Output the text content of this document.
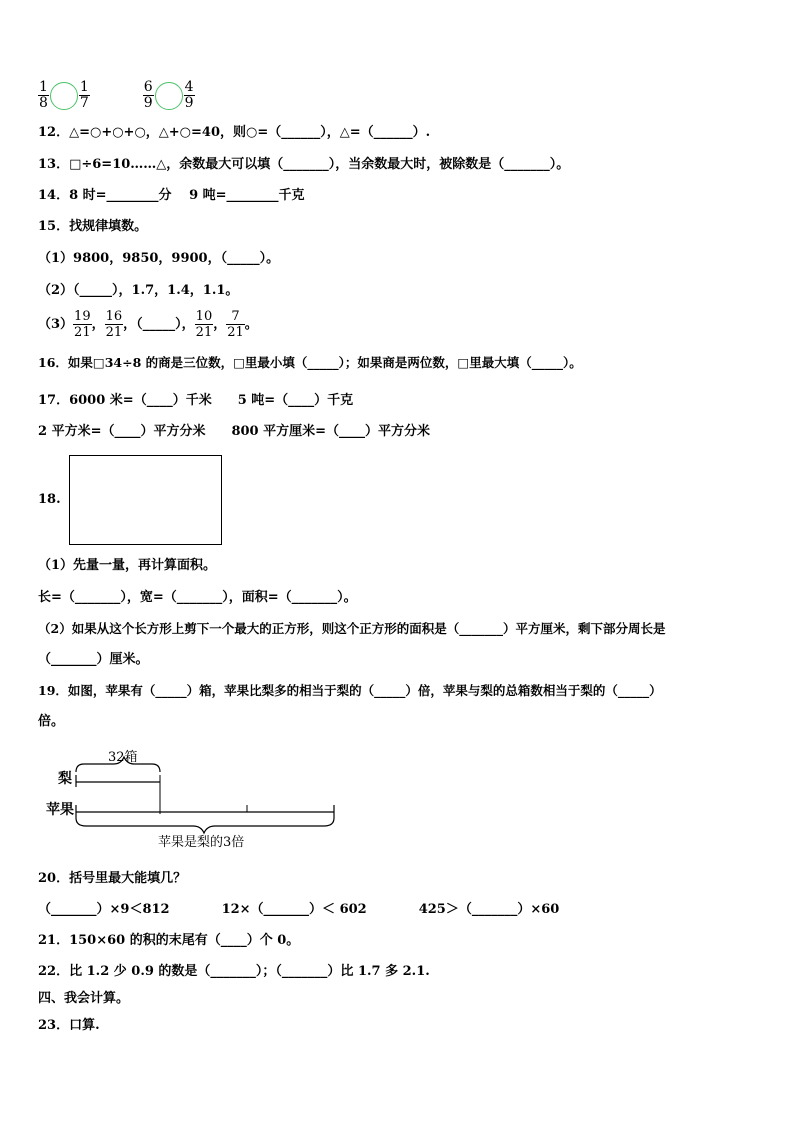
$\frac{1}{8} \frac{1}{7}$
	$\frac{6}{9} \frac{4}{9}$
12．△=○+○+○，△+○=40，则○=（______），△=（______）.
13．□÷6=10……△，余数最大可以填（_______），当余数最大时，被除数是（_______）。
14．8 时=________分　 9 吨=________千克
15．找规律填数。
（1）9800，9850，9900，（_____）。
（2）（_____），1.7，1.4，1.1。
$(3) \frac{19}{21}$ ， $\frac{16}{21}$ ，（_____）， $\frac{10}{21}$ ， $\frac{7}{21}$ 。
16．如果□34÷8 的商是三位数，□里最小填（_____）；如果商是两位数，□里最大填（_____）。
17．6000 米=（____）千米　　5 吨=（____）千克
2 平方米=（____）平方分米　　800 平方厘米=（____）平方分米
18.
（1）先量一量，再计算面积。
长=（_______），宽=（_______），面积=（_______）。
（2）如果从这个长方形上剪下一个最大的正方形，则这个正方形的面积是（_______）平方厘米，剩下部分周长是
（_______）厘米。
19．如图，苹果有（_____）箱，苹果比梨多的相当于梨的（_____）倍，苹果与梨的总箱数相当于梨的（_____）
倍。
32箱
梨
苹果
苹果是梨的3倍
20．括号里最大能填几？
（_______）×9＜812　　　　12×（_______）＜ 602　　　　425＞（_______）×60
21．150×60 的积的末尾有（____）个 0。
22．比 1.2 少 0.9 的数是（_______）；（_______）比 1.7 多 2.1.
四、我会计算。
23．口算.
